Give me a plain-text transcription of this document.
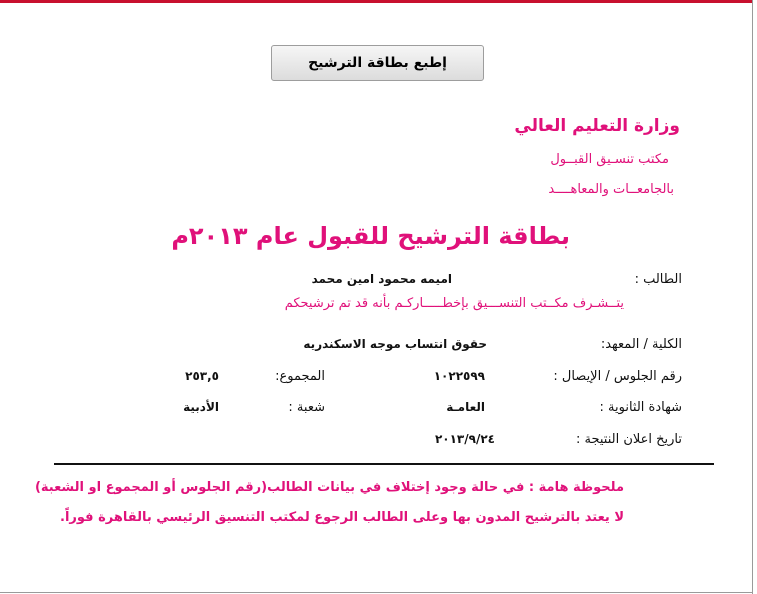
إطبع بطاقة الترشيح
وزارة التعليم العالي
مكتب تنسـيق القبــول
بالجامعــات والمعاهــــد
بطاقة الترشيح للقبول عام ٢٠١٣م
الطالب :
اميمه محمود امين محمد
يتــشـرف مكــتب التنســـيق بإخطـــــاركـم بأنه قد تم ترشيحكم
الكلية / المعهد:
حقوق انتساب موجه الاسكندريه
رقم الجلوس / الإيصال :
١٠٢٢٥٩٩
المجموع:
٢٥٣,٥
شهادة الثانوية :
العامـة
شعبة :
الأدبية
تاريخ اعلان النتيجة :
٢٠١٣/٩/٢٤
ملحوظة هامة : في حالة وجود إختلاف في بيانات الطالب(رقم الجلوس أو المجموع او الشعبة)
لا يعتد بالترشيح المدون بها وعلى الطالب الرجوع لمكتب التنسيق الرئيسي بالقاهرة فوراً.
